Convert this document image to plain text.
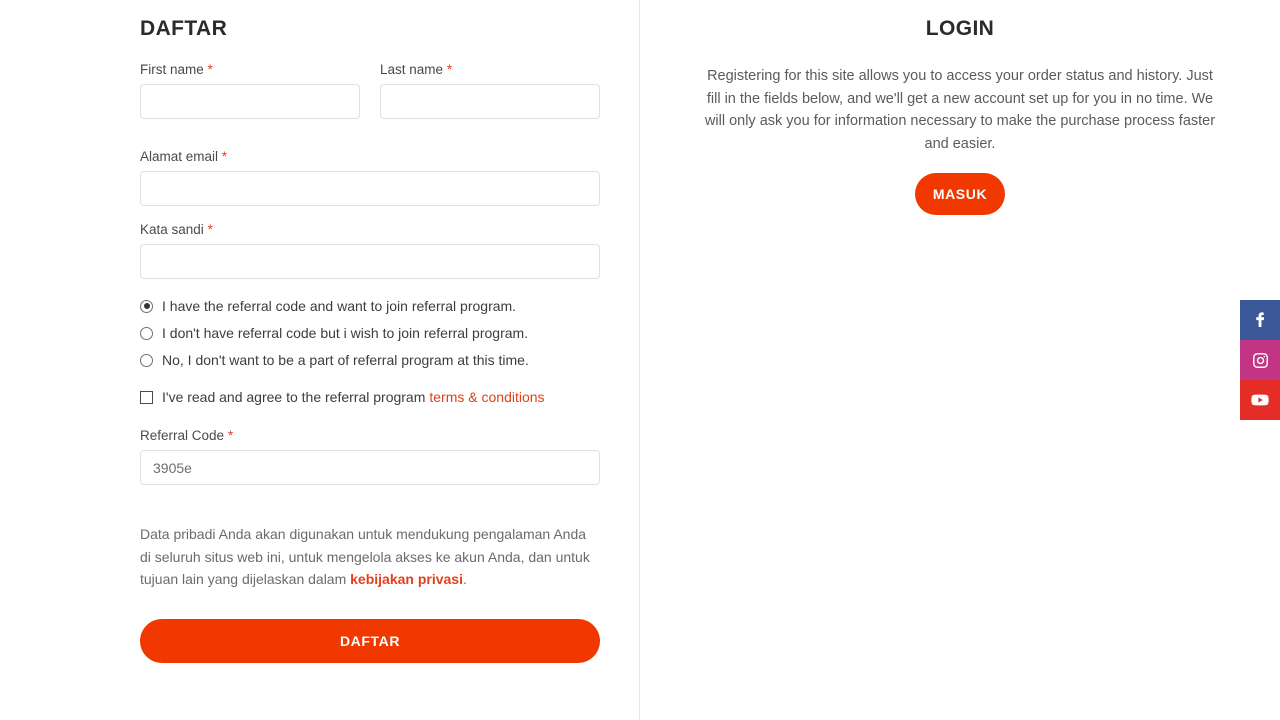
DAFTAR
First name *	Last name *
Alamat email *
Kata sandi *
I have the referral code and want to join referral program.
I don't have referral code but i wish to join referral program.
No, I don't want to be a part of referral program at this time.
I've read and agree to the referral program terms & conditions
Referral Code *
3905e
Data pribadi Anda akan digunakan untuk mendukung pengalaman Anda di seluruh situs web ini, untuk mengelola akses ke akun Anda, dan untuk tujuan lain yang dijelaskan dalam kebijakan privasi.
DAFTAR
LOGIN
Registering for this site allows you to access your order status and history. Just fill in the fields below, and we'll get a new account set up for you in no time. We will only ask you for information necessary to make the purchase process faster and easier.
MASUK
